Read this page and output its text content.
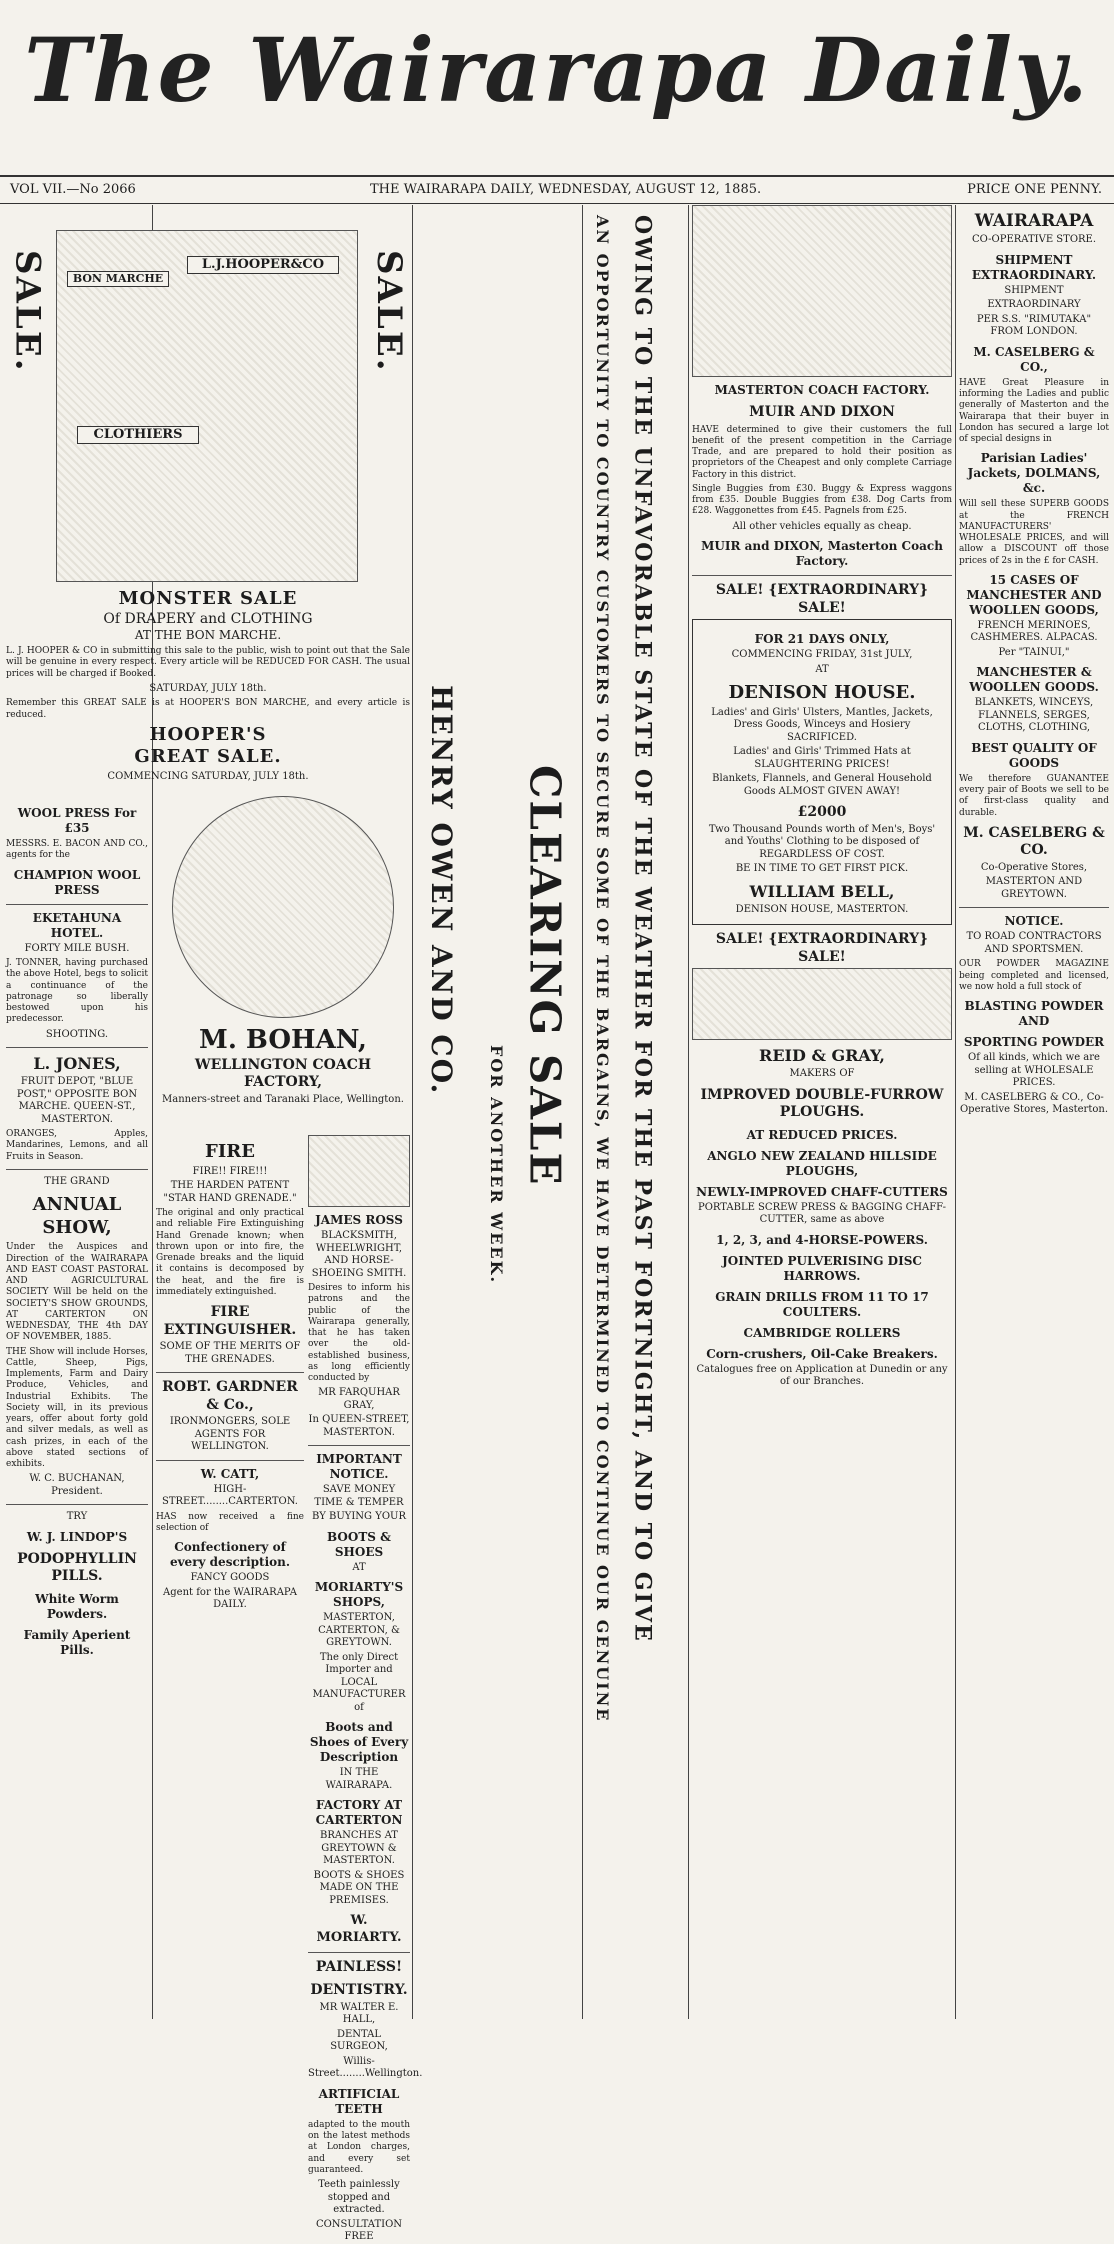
The Wairarapa Daily.
VOL VII.—No 2066	THE WAIRARAPA DAILY, WEDNESDAY, AUGUST 12, 1885.	PRICE ONE PENNY.
SALE.	SALE.
L.J.HOOPER&CO
BON MARCHE
CLOTHIERS
MONSTER SALE
Of DRAPERY and CLOTHING
AT THE BON MARCHE.

L. J. HOOPER & CO in submitting this sale to the public, wish to point out that the Sale will be genuine in every respect. Every article will be REDUCED FOR CASH. The usual prices will be charged if Booked.

SATURDAY, JULY 18th.

Remember this GREAT SALE is at HOOPER'S BON MARCHE, and every article is reduced.

HOOPER'S
GREAT SALE.
COMMENCING SATURDAY, JULY 18th.
WOOL PRESS For £35

MESSRS. E. BACON AND CO., agents for the

CHAMPION WOOL PRESS
EKETAHUNA HOTEL.
FORTY MILE BUSH.

J. TONNER, having purchased the above Hotel, begs to solicit a continuance of the patronage so liberally bestowed upon his predecessor.

SHOOTING.
L. JONES,
FRUIT DEPOT, "BLUE POST," OPPOSITE BON MARCHE. QUEEN-ST., MASTERTON.

ORANGES, Apples, Mandarines, Lemons, and all Fruits in Season.

THE GRAND
ANNUAL SHOW,

Under the Auspices and Direction of the WAIRARAPA AND EAST COAST PASTORAL AND AGRICULTURAL SOCIETY Will be held on the SOCIETY'S SHOW GROUNDS, AT CARTERTON ON WEDNESDAY, THE 4th DAY OF NOVEMBER, 1885.

THE Show will include Horses, Cattle, Sheep, Pigs, Implements, Farm and Dairy Produce, Vehicles, and Industrial Exhibits. The Society will, in its previous years, offer about forty gold and silver medals, as well as cash prizes, in each of the above stated sections of exhibits.

W. C. BUCHANAN, President.
TRY
W. J. LINDOP'S
PODOPHYLLIN PILLS.
White Worm Powders.
Family Aperient Pills.
M. BOHAN,
WELLINGTON COACH FACTORY,
Manners-street and Taranaki Place, Wellington.
FIRE
FIRE!! FIRE!!!
THE HARDEN PATENT "STAR HAND GRENADE."

The original and only practical and reliable Fire Extinguishing Hand Grenade known; when thrown upon or into fire, the Grenade breaks and the liquid it contains is decomposed by the heat, and the fire is immediately extinguished.

FIRE EXTINGUISHER.
SOME OF THE MERITS OF THE GRENADES.
ROBT. GARDNER & Co.,
IRONMONGERS, SOLE AGENTS FOR WELLINGTON.
W. CATT,
HIGH-STREET........CARTERTON.

HAS now received a fine selection of

Confectionery of every description.
FANCY GOODS
Agent for the WAIRARAPA DAILY.
JAMES ROSS
BLACKSMITH, WHEELWRIGHT, AND HORSE-SHOEING SMITH.

Desires to inform his patrons and the public of the Wairarapa generally, that he has taken over the old-established business, as long efficiently conducted by

MR FARQUHAR GRAY,
In QUEEN-STREET, MASTERTON.
IMPORTANT NOTICE.
SAVE MONEY TIME & TEMPER
BY BUYING YOUR
BOOTS & SHOES
AT
MORIARTY'S SHOPS,
MASTERTON, CARTERTON, & GREYTOWN.
The only Direct Importer and LOCAL MANUFACTURER of
Boots and Shoes of Every Description
IN THE WAIRARAPA.
FACTORY AT CARTERTON
BRANCHES AT GREYTOWN & MASTERTON.
BOOTS & SHOES MADE ON THE PREMISES.
W. MORIARTY.
PAINLESS!
DENTISTRY.
MR WALTER E. HALL,
DENTAL SURGEON,
Willis-Street........Wellington.
ARTIFICIAL TEETH

adapted to the mouth on the latest methods at London charges, and every set guaranteed.

Teeth painlessly stopped and extracted.
CONSULTATION FREE
HENRY OWEN AND CO.
FOR ANOTHER WEEK. CLEARING SALE AN OPPORTUNITY TO COUNTRY CUSTOMERS TO SECURE SOME OF THE BARGAINS, WE HAVE DETERMINED TO CONTINUE OUR GENUINE OWING TO THE UNFAVORABLE STATE OF THE WEATHER FOR THE PAST FORTNIGHT, AND TO GIVE	MASTERTON COACH FACTORY.
MUIR AND DIXON

HAVE determined to give their customers the full benefit of the present competition in the Carriage Trade, and are prepared to hold their position as proprietors of the Cheapest and only complete Carriage Factory in this district.

Single Buggies from £30. Buggy & Express waggons from £35. Double Buggies from £38. Dog Carts from £28. Waggonettes from £45. Pagnels from £25.

All other vehicles equally as cheap.
MUIR and DIXON, Masterton Coach Factory.
SALE! {EXTRAORDINARY} SALE!
FOR 21 DAYS ONLY,
COMMENCING FRIDAY, 31st JULY,
AT
DENISON HOUSE.
Ladies' and Girls' Ulsters, Mantles, Jackets, Dress Goods, Winceys and Hosiery SACRIFICED.
Ladies' and Girls' Trimmed Hats at SLAUGHTERING PRICES!
Blankets, Flannels, and General Household Goods ALMOST GIVEN AWAY!
£2000
Two Thousand Pounds worth of Men's, Boys' and Youths' Clothing to be disposed of REGARDLESS OF COST.
BE IN TIME TO GET FIRST PICK.
WILLIAM BELL,
DENISON HOUSE, MASTERTON.
SALE! {EXTRAORDINARY} SALE!
REID & GRAY,
MAKERS OF
IMPROVED DOUBLE-FURROW PLOUGHS.
AT REDUCED PRICES.
ANGLO NEW ZEALAND HILLSIDE PLOUGHS,
NEWLY-IMPROVED CHAFF-CUTTERS
PORTABLE SCREW PRESS & BAGGING CHAFF-CUTTER, same as above
1, 2, 3, and 4-HORSE-POWERS.
JOINTED PULVERISING DISC HARROWS.
GRAIN DRILLS FROM 11 TO 17 COULTERS.
CAMBRIDGE ROLLERS
Corn-crushers, Oil-Cake Breakers.
Catalogues free on Application at Dunedin or any of our Branches.
WAIRARAPA
CO-OPERATIVE STORE.
SHIPMENT EXTRAORDINARY.
SHIPMENT
EXTRAORDINARY
PER S.S. "RIMUTAKA" FROM LONDON.
M. CASELBERG & CO.,

HAVE Great Pleasure in informing the Ladies and public generally of Masterton and the Wairarapa that their buyer in London has secured a large lot of special designs in

Parisian Ladies' Jackets, DOLMANS, &c.

Will sell these SUPERB GOODS at the FRENCH MANUFACTURERS' WHOLESALE PRICES, and will allow a DISCOUNT off those prices of 2s in the £ for CASH.

15 CASES OF MANCHESTER AND WOOLLEN GOODS,
FRENCH MERINOES, CASHMERES. ALPACAS.
Per "TAINUI,"
MANCHESTER & WOOLLEN GOODS.
BLANKETS, WINCEYS, FLANNELS, SERGES, CLOTHS, CLOTHING,
BEST QUALITY OF GOODS

We therefore GUANANTEE every pair of Boots we sell to be of first-class quality and durable.

M. CASELBERG & CO.
Co-Operative Stores,
MASTERTON AND GREYTOWN.
NOTICE.
TO ROAD CONTRACTORS AND SPORTSMEN.

OUR POWDER MAGAZINE being completed and licensed, we now hold a full stock of

BLASTING POWDER AND
SPORTING POWDER
Of all kinds, which we are selling at WHOLESALE PRICES.
M. CASELBERG & CO., Co-Operative Stores, Masterton.
